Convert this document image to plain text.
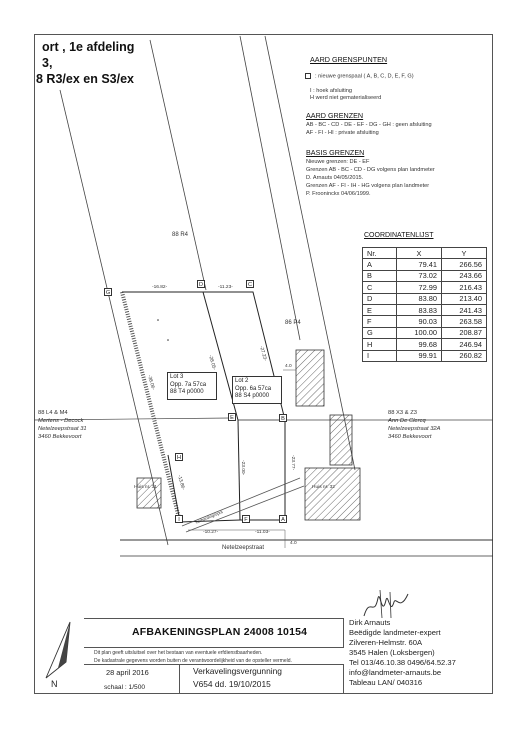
ort , 1e afdeling
3,
8 R3/ex en S3/ex
AARD GRENSPUNTEN
: nieuwe grenspaal ( A, B, C, D, E, F, G)
I : hoek afsluiting
H werd niet gematerialiseerd
AARD GRENZEN
AB - BC - CD - DE - EF - DG - GH : geen afsluiting
AF - FI - HI : private afsluiting
BASIS GRENZEN
Nieuwe grenzen: DE - EF
Grenzen AB - BC - CD - DG volgens plan landmeter
D. Arnauts 04/05/2015.
Grenzen AF - FI - IH - HG volgens plan landmeter
P. Frooninckx 04/06/1999.
COORDINATENLIJST
Nr.	X	Y
A	79.41	266.56
B	73.02	243.66
C	72.99	216.43
D	83.80	213.40
E	83.83	241.43
F	90.03	263.58
G	100.00	208.87
H	99.68	246.94
I	99.91	260.82
G
D	C
E	B
H
I	F	A
-16.82-	-11.23-
-28.05-
-27.23-
-38.06-
-13.86-
-23.00-	-23.77-
-10.27-	-11.03-
4.0
4.0
88 R4
86 P4
88 L4 & M4
Mertens - Decock
Netelzeepstraat 31
3460 Bekkevoort
88 X3 & Z3
Ann De Clercq
Netelzeepstraat 32A
3460 Bekkevoort
Lot 3
Opp. 7a 57ca
88 T4 p0000
Lot 2
Opp. 6a 57ca
88 S4 p0000
Huis nr. 31	Huis nr. 32
verharding/oprit
Netelzeepstraat
AFBAKENINGSPLAN 24008 10154
Dit plan geeft uitsluitsel over het bestaan van eventuele erfdienstbaarheden.
De kadastrale gegevens worden buiten de verantwoordelijkheid van de opsteller vermeld.
28 april 2016
schaal : 1/500
Verkavelingsvergunning
V654 dd. 19/10/2015
N
Dirk Arnauts
Beëdigde landmeter-expert
Zilveren-Helmstr. 60A
3545 Halen (Loksbergen)
Tel 013/46.10.38 0496/64.52.37
info@landmeter-arnauts.be
Tableau LAN/ 040316
